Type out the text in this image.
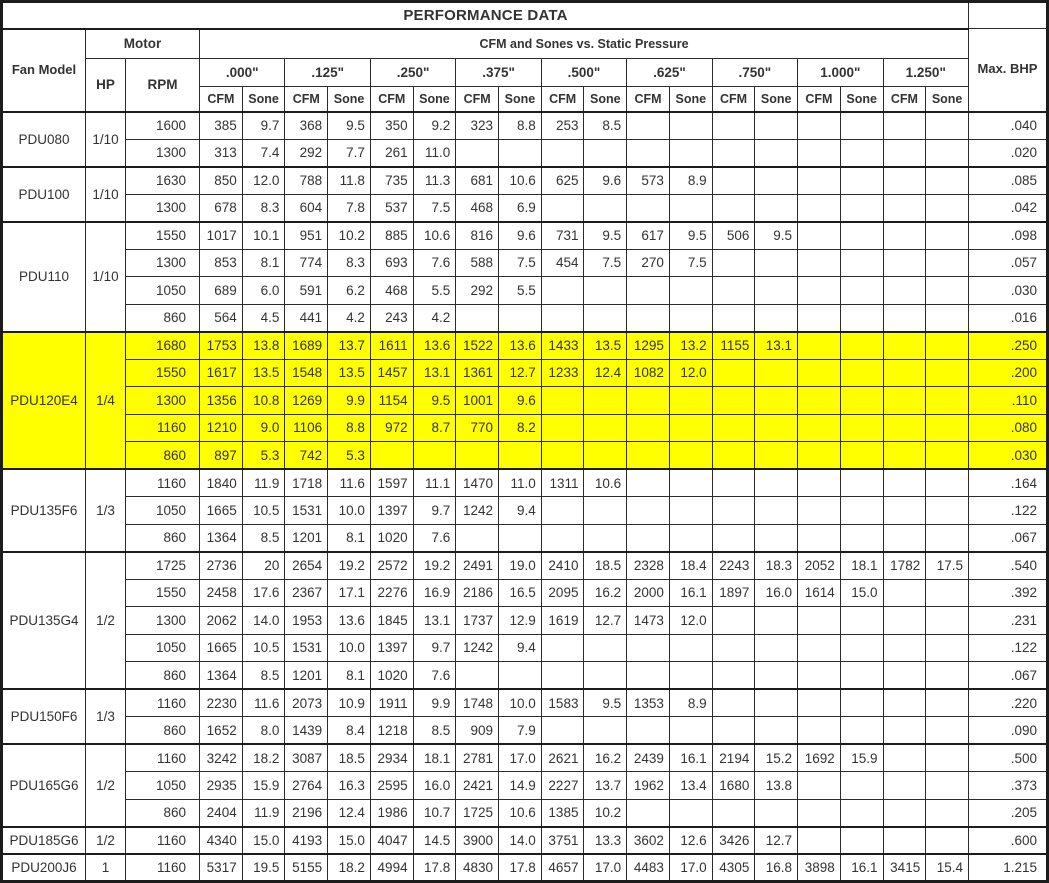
PERFORMANCE DATA																					
Fan Model	Motor		CFM and Sones vs. Static Pressure																		Max. BHP
	HP	RPM	.000"		.125"		.250"		.375"		.500"		.625"		.750"		1.000"		1.250"		
			CFM	Sone	CFM	Sone	CFM	Sone	CFM	Sone	CFM	Sone	CFM	Sone	CFM	Sone	CFM	Sone	CFM	Sone	
PDU080	1/10	1600	385	9.7	368	9.5	350	9.2	323	8.8	253	8.5									.040
		1300	313	7.4	292	7.7	261	11.0													.020
PDU100	1/10	1630	850	12.0	788	11.8	735	11.3	681	10.6	625	9.6	573	8.9							.085
		1300	678	8.3	604	7.8	537	7.5	468	6.9											.042
PDU110	1/10	1550	1017	10.1	951	10.2	885	10.6	816	9.6	731	9.5	617	9.5	506	9.5					.098
		1300	853	8.1	774	8.3	693	7.6	588	7.5	454	7.5	270	7.5							.057
		1050	689	6.0	591	6.2	468	5.5	292	5.5											.030
		860	564	4.5	441	4.2	243	4.2													.016
PDU120E4	1/4	1680	1753	13.8	1689	13.7	1611	13.6	1522	13.6	1433	13.5	1295	13.2	1155	13.1					.250
		1550	1617	13.5	1548	13.5	1457	13.1	1361	12.7	1233	12.4	1082	12.0							.200
		1300	1356	10.8	1269	9.9	1154	9.5	1001	9.6											.110
		1160	1210	9.0	1106	8.8	972	8.7	770	8.2											.080
		860	897	5.3	742	5.3															.030
PDU135F6	1/3	1160	1840	11.9	1718	11.6	1597	11.1	1470	11.0	1311	10.6									.164
		1050	1665	10.5	1531	10.0	1397	9.7	1242	9.4											.122
		860	1364	8.5	1201	8.1	1020	7.6													.067
PDU135G4	1/2	1725	2736	20	2654	19.2	2572	19.2	2491	19.0	2410	18.5	2328	18.4	2243	18.3	2052	18.1	1782	17.5	.540
		1550	2458	17.6	2367	17.1	2276	16.9	2186	16.5	2095	16.2	2000	16.1	1897	16.0	1614	15.0			.392
		1300	2062	14.0	1953	13.6	1845	13.1	1737	12.9	1619	12.7	1473	12.0							.231
		1050	1665	10.5	1531	10.0	1397	9.7	1242	9.4											.122
		860	1364	8.5	1201	8.1	1020	7.6													.067
PDU150F6	1/3	1160	2230	11.6	2073	10.9	1911	9.9	1748	10.0	1583	9.5	1353	8.9							.220
		860	1652	8.0	1439	8.4	1218	8.5	909	7.9											.090
PDU165G6	1/2	1160	3242	18.2	3087	18.5	2934	18.1	2781	17.0	2621	16.2	2439	16.1	2194	15.2	1692	15.9			.500
		1050	2935	15.9	2764	16.3	2595	16.0	2421	14.9	2227	13.7	1962	13.4	1680	13.8					.373
		860	2404	11.9	2196	12.4	1986	10.7	1725	10.6	1385	10.2									.205
PDU185G6	1/2	1160	4340	15.0	4193	15.0	4047	14.5	3900	14.0	3751	13.3	3602	12.6	3426	12.7					.600
PDU200J6	1	1160	5317	19.5	5155	18.2	4994	17.8	4830	17.8	4657	17.0	4483	17.0	4305	16.8	3898	16.1	3415	15.4	1.215
